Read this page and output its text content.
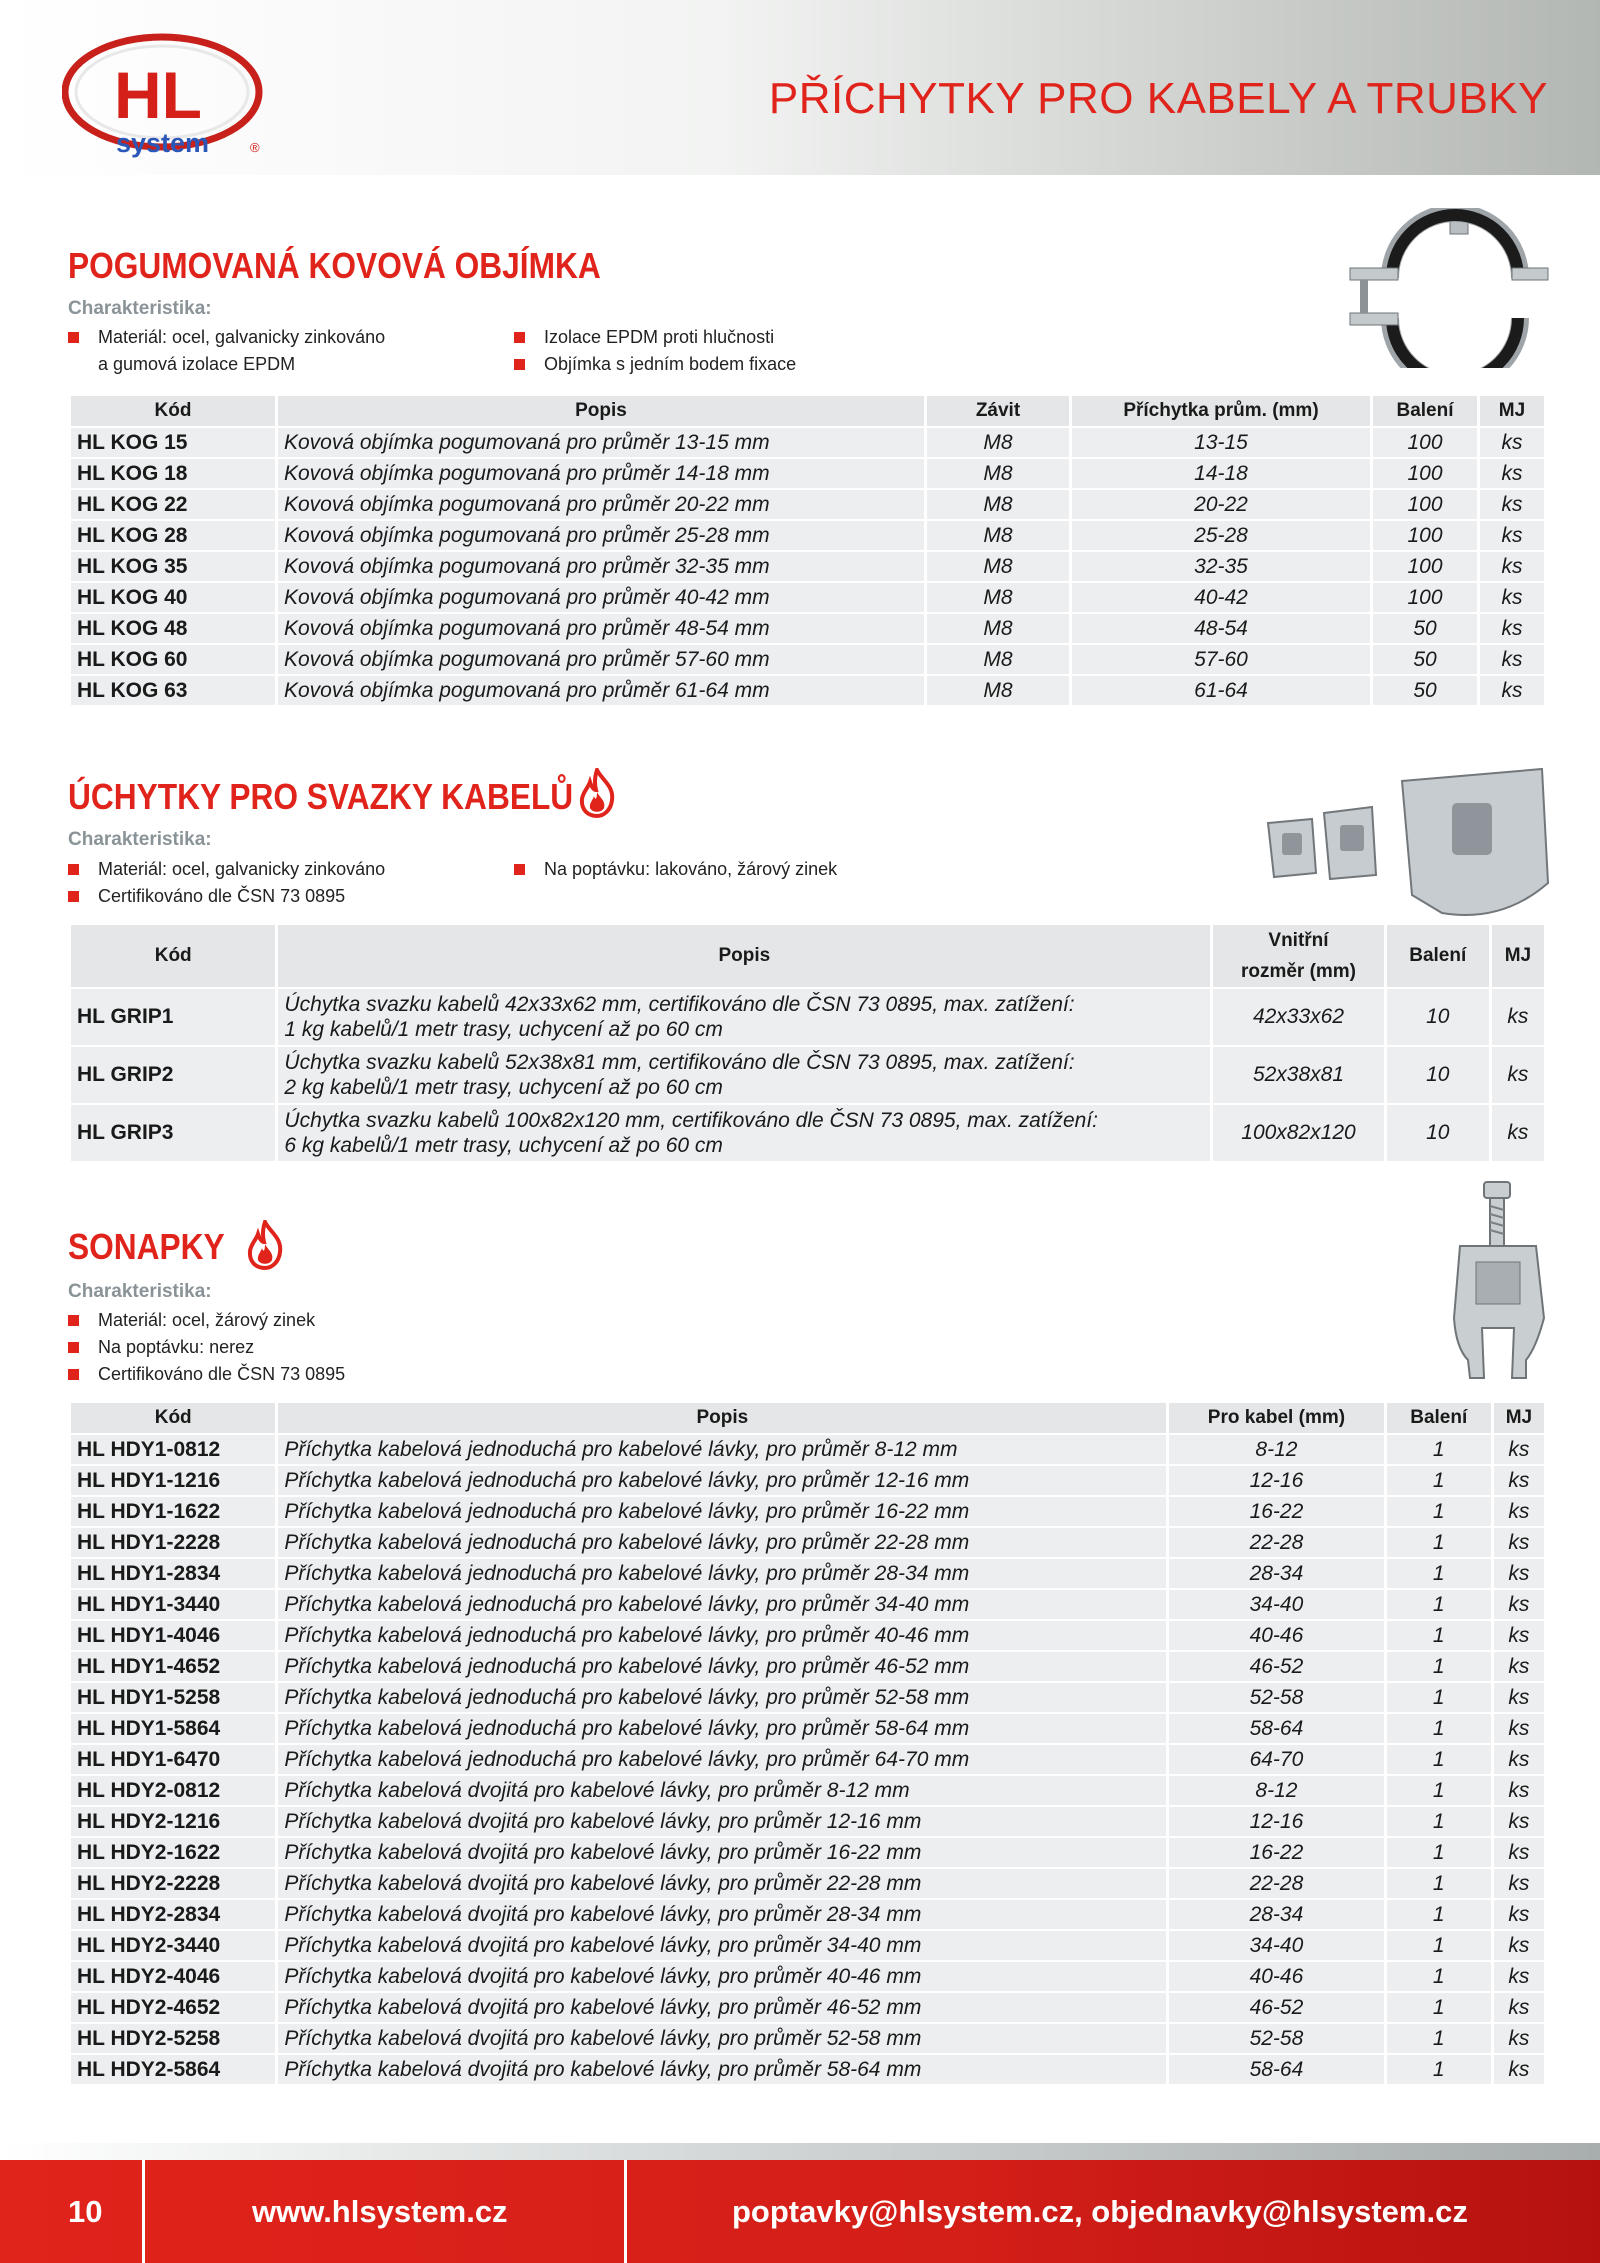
HL
system	®
PŘÍCHYTKY PRO KABELY A TRUBKY
POGUMOVANÁ KOVOVÁ OBJÍMKA
Charakteristika:
Materiál: ocel, galvanicky zinkováno
a gumová izolace EPDM
Izolace EPDM proti hlučnosti
Objímka s jedním bodem fixace
Kód	Popis	Závit	Příchytka prům. (mm)	Balení	MJ
HL KOG 15	Kovová objímka pogumovaná pro průměr 13-15 mm	M8	13-15	100	ks
HL KOG 18	Kovová objímka pogumovaná pro průměr 14-18 mm	M8	14-18	100	ks
HL KOG 22	Kovová objímka pogumovaná pro průměr 20-22 mm	M8	20-22	100	ks
HL KOG 28	Kovová objímka pogumovaná pro průměr 25-28 mm	M8	25-28	100	ks
HL KOG 35	Kovová objímka pogumovaná pro průměr 32-35 mm	M8	32-35	100	ks
HL KOG 40	Kovová objímka pogumovaná pro průměr 40-42 mm	M8	40-42	100	ks
HL KOG 48	Kovová objímka pogumovaná pro průměr 48-54 mm	M8	48-54	50	ks
HL KOG 60	Kovová objímka pogumovaná pro průměr 57-60 mm	M8	57-60	50	ks
HL KOG 63	Kovová objímka pogumovaná pro průměr 61-64 mm	M8	61-64	50	ks
ÚCHYTKY PRO SVAZKY KABELŮ
Charakteristika:
Materiál: ocel, galvanicky zinkováno
Certifikováno dle ČSN 73 0895
Na poptávku: lakováno, žárový zinek
Kód	Popis	Vnitřní
rozměr (mm)	Balení	MJ
HL GRIP1	Úchytka svazku kabelů 42x33x62 mm, certifikováno dle ČSN 73 0895, max. zatížení:
1 kg kabelů/1 metr trasy, uchycení až po 60 cm	42x33x62	10	ks
HL GRIP2	Úchytka svazku kabelů 52x38x81 mm, certifikováno dle ČSN 73 0895, max. zatížení:
2 kg kabelů/1 metr trasy, uchycení až po 60 cm	52x38x81	10	ks
HL GRIP3	Úchytka svazku kabelů 100x82x120 mm, certifikováno dle ČSN 73 0895, max. zatížení:
6 kg kabelů/1 metr trasy, uchycení až po 60 cm	100x82x120	10	ks
SONAPKY
Charakteristika:
Materiál: ocel, žárový zinek
Na poptávku: nerez
Certifikováno dle ČSN 73 0895
Kód	Popis	Pro kabel (mm)	Balení	MJ
HL HDY1-0812	Příchytka kabelová jednoduchá pro kabelové lávky, pro průměr 8-12 mm	8-12	1	ks
HL HDY1-1216	Příchytka kabelová jednoduchá pro kabelové lávky, pro průměr 12-16 mm	12-16	1	ks
HL HDY1-1622	Příchytka kabelová jednoduchá pro kabelové lávky, pro průměr 16-22 mm	16-22	1	ks
HL HDY1-2228	Příchytka kabelová jednoduchá pro kabelové lávky, pro průměr 22-28 mm	22-28	1	ks
HL HDY1-2834	Příchytka kabelová jednoduchá pro kabelové lávky, pro průměr 28-34 mm	28-34	1	ks
HL HDY1-3440	Příchytka kabelová jednoduchá pro kabelové lávky, pro průměr 34-40 mm	34-40	1	ks
HL HDY1-4046	Příchytka kabelová jednoduchá pro kabelové lávky, pro průměr 40-46 mm	40-46	1	ks
HL HDY1-4652	Příchytka kabelová jednoduchá pro kabelové lávky, pro průměr 46-52 mm	46-52	1	ks
HL HDY1-5258	Příchytka kabelová jednoduchá pro kabelové lávky, pro průměr 52-58 mm	52-58	1	ks
HL HDY1-5864	Příchytka kabelová jednoduchá pro kabelové lávky, pro průměr 58-64 mm	58-64	1	ks
HL HDY1-6470	Příchytka kabelová jednoduchá pro kabelové lávky, pro průměr 64-70 mm	64-70	1	ks
HL HDY2-0812	Příchytka kabelová dvojitá pro kabelové lávky, pro průměr 8-12 mm	8-12	1	ks
HL HDY2-1216	Příchytka kabelová dvojitá pro kabelové lávky, pro průměr 12-16 mm	12-16	1	ks
HL HDY2-1622	Příchytka kabelová dvojitá pro kabelové lávky, pro průměr 16-22 mm	16-22	1	ks
HL HDY2-2228	Příchytka kabelová dvojitá pro kabelové lávky, pro průměr 22-28 mm	22-28	1	ks
HL HDY2-2834	Příchytka kabelová dvojitá pro kabelové lávky, pro průměr 28-34 mm	28-34	1	ks
HL HDY2-3440	Příchytka kabelová dvojitá pro kabelové lávky, pro průměr 34-40 mm	34-40	1	ks
HL HDY2-4046	Příchytka kabelová dvojitá pro kabelové lávky, pro průměr 40-46 mm	40-46	1	ks
HL HDY2-4652	Příchytka kabelová dvojitá pro kabelové lávky, pro průměr 46-52 mm	46-52	1	ks
HL HDY2-5258	Příchytka kabelová dvojitá pro kabelové lávky, pro průměr 52-58 mm	52-58	1	ks
HL HDY2-5864	Příchytka kabelová dvojitá pro kabelové lávky, pro průměr 58-64 mm	58-64	1	ks
10	www.hlsystem.cz	poptavky@hlsystem.cz, objednavky@hlsystem.cz
